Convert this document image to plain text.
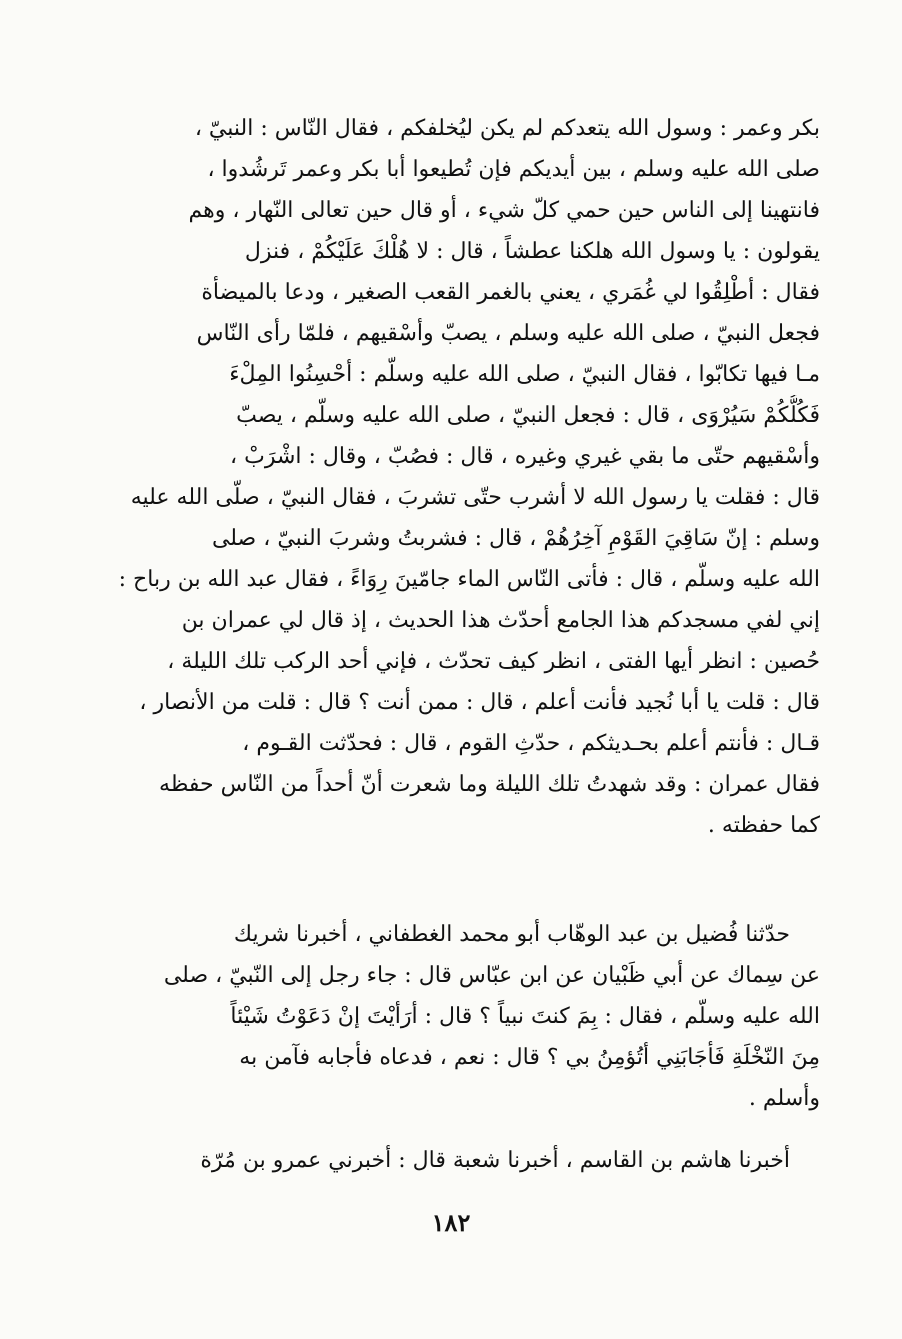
بكر وعمر : وسول الله يتعدكم لم يكن ليُخلفكم ، فقال النّاس : النبيّ ،
صلى الله عليه وسلم ، بين أيديكم فإن تُطيعوا أبا بكر وعمر تَرشُدوا ،
فانتهينا إلى الناس حين حمي كلّ شيء ، أو قال حين تعالى النّهار ، وهم
يقولون : يا وسول الله هلكنا عطشاً ، قال : لا هُلْكَ عَلَيْكُمْ ، فنزل
فقال : أطْلِقُوا لي غُمَري ، يعني بالغمر القعب الصغير ، ودعا بالميضأة
فجعل النبيّ ، صلى الله عليه وسلم ، يصبّ وأسْقيهم ، فلمّا رأى النّاس
مـا فيها تكابّوا ، فقال النبيّ ، صلى الله عليه وسلّم : أحْسِنُوا المِلْءَ
فَكُلُّكُمْ سَيُرْوَى ، قال : فجعل النبيّ ، صلى الله عليه وسلّم ، يصبّ
وأسْقيهم حتّى ما بقي غيري وغيره ، قال : فصُبّ ، وقال : اشْرَبْ ،
قال : فقلت يا رسول الله لا أشرب حتّى تشربَ ، فقال النبيّ ، صلّى الله عليه
وسلم : إنّ سَاقِيَ القَوْمِ آخِرُهُمْ ، قال : فشربتُ وشربَ النبيّ ، صلى
الله عليه وسلّم ، قال : فأتى النّاس الماء جامّينَ رِوَاءً ، فقال عبد الله بن رباح :
إني لفي مسجدكم هذا الجامع أحدّث هذا الحديث ، إذ قال لي عمران بن
حُصين : انظر أيها الفتى ، انظر كيف تحدّث ، فإني أحد الركب تلك الليلة ،
قال : قلت يا أبا نُجيد فأنت أعلم ، قال : ممن أنت ؟ قال : قلت من الأنصار ،
قـال : فأنتم أعلم بحـديثكم ، حدّثِ القوم ، قال : فحدّثت القـوم ،
فقال عمران : وقد شهدتُ تلك الليلة وما شعرت أنّ أحداً من النّاس حفظه
كما حفظته .
حدّثنا فُضيل بن عبد الوهّاب أبو محمد الغطفاني ، أخبرنا شريك
عن سِماك عن أبي ظَبْيان عن ابن عبّاس قال : جاء رجل إلى النّبيّ ، صلى
الله عليه وسلّم ، فقال : بِمَ كنتَ نبياً ؟ قال : أرَأيْتَ إنْ دَعَوْتُ شَيْئاً
مِنَ النّخْلَةِ فَأجَابَنِي أتُؤمِنُ بي ؟ قال : نعم ، فدعاه فأجابه فآمن به
وأسلم .
أخبرنا هاشم بن القاسم ، أخبرنا شعبة قال : أخبرني عمرو بن مُرّة
١٨٢
